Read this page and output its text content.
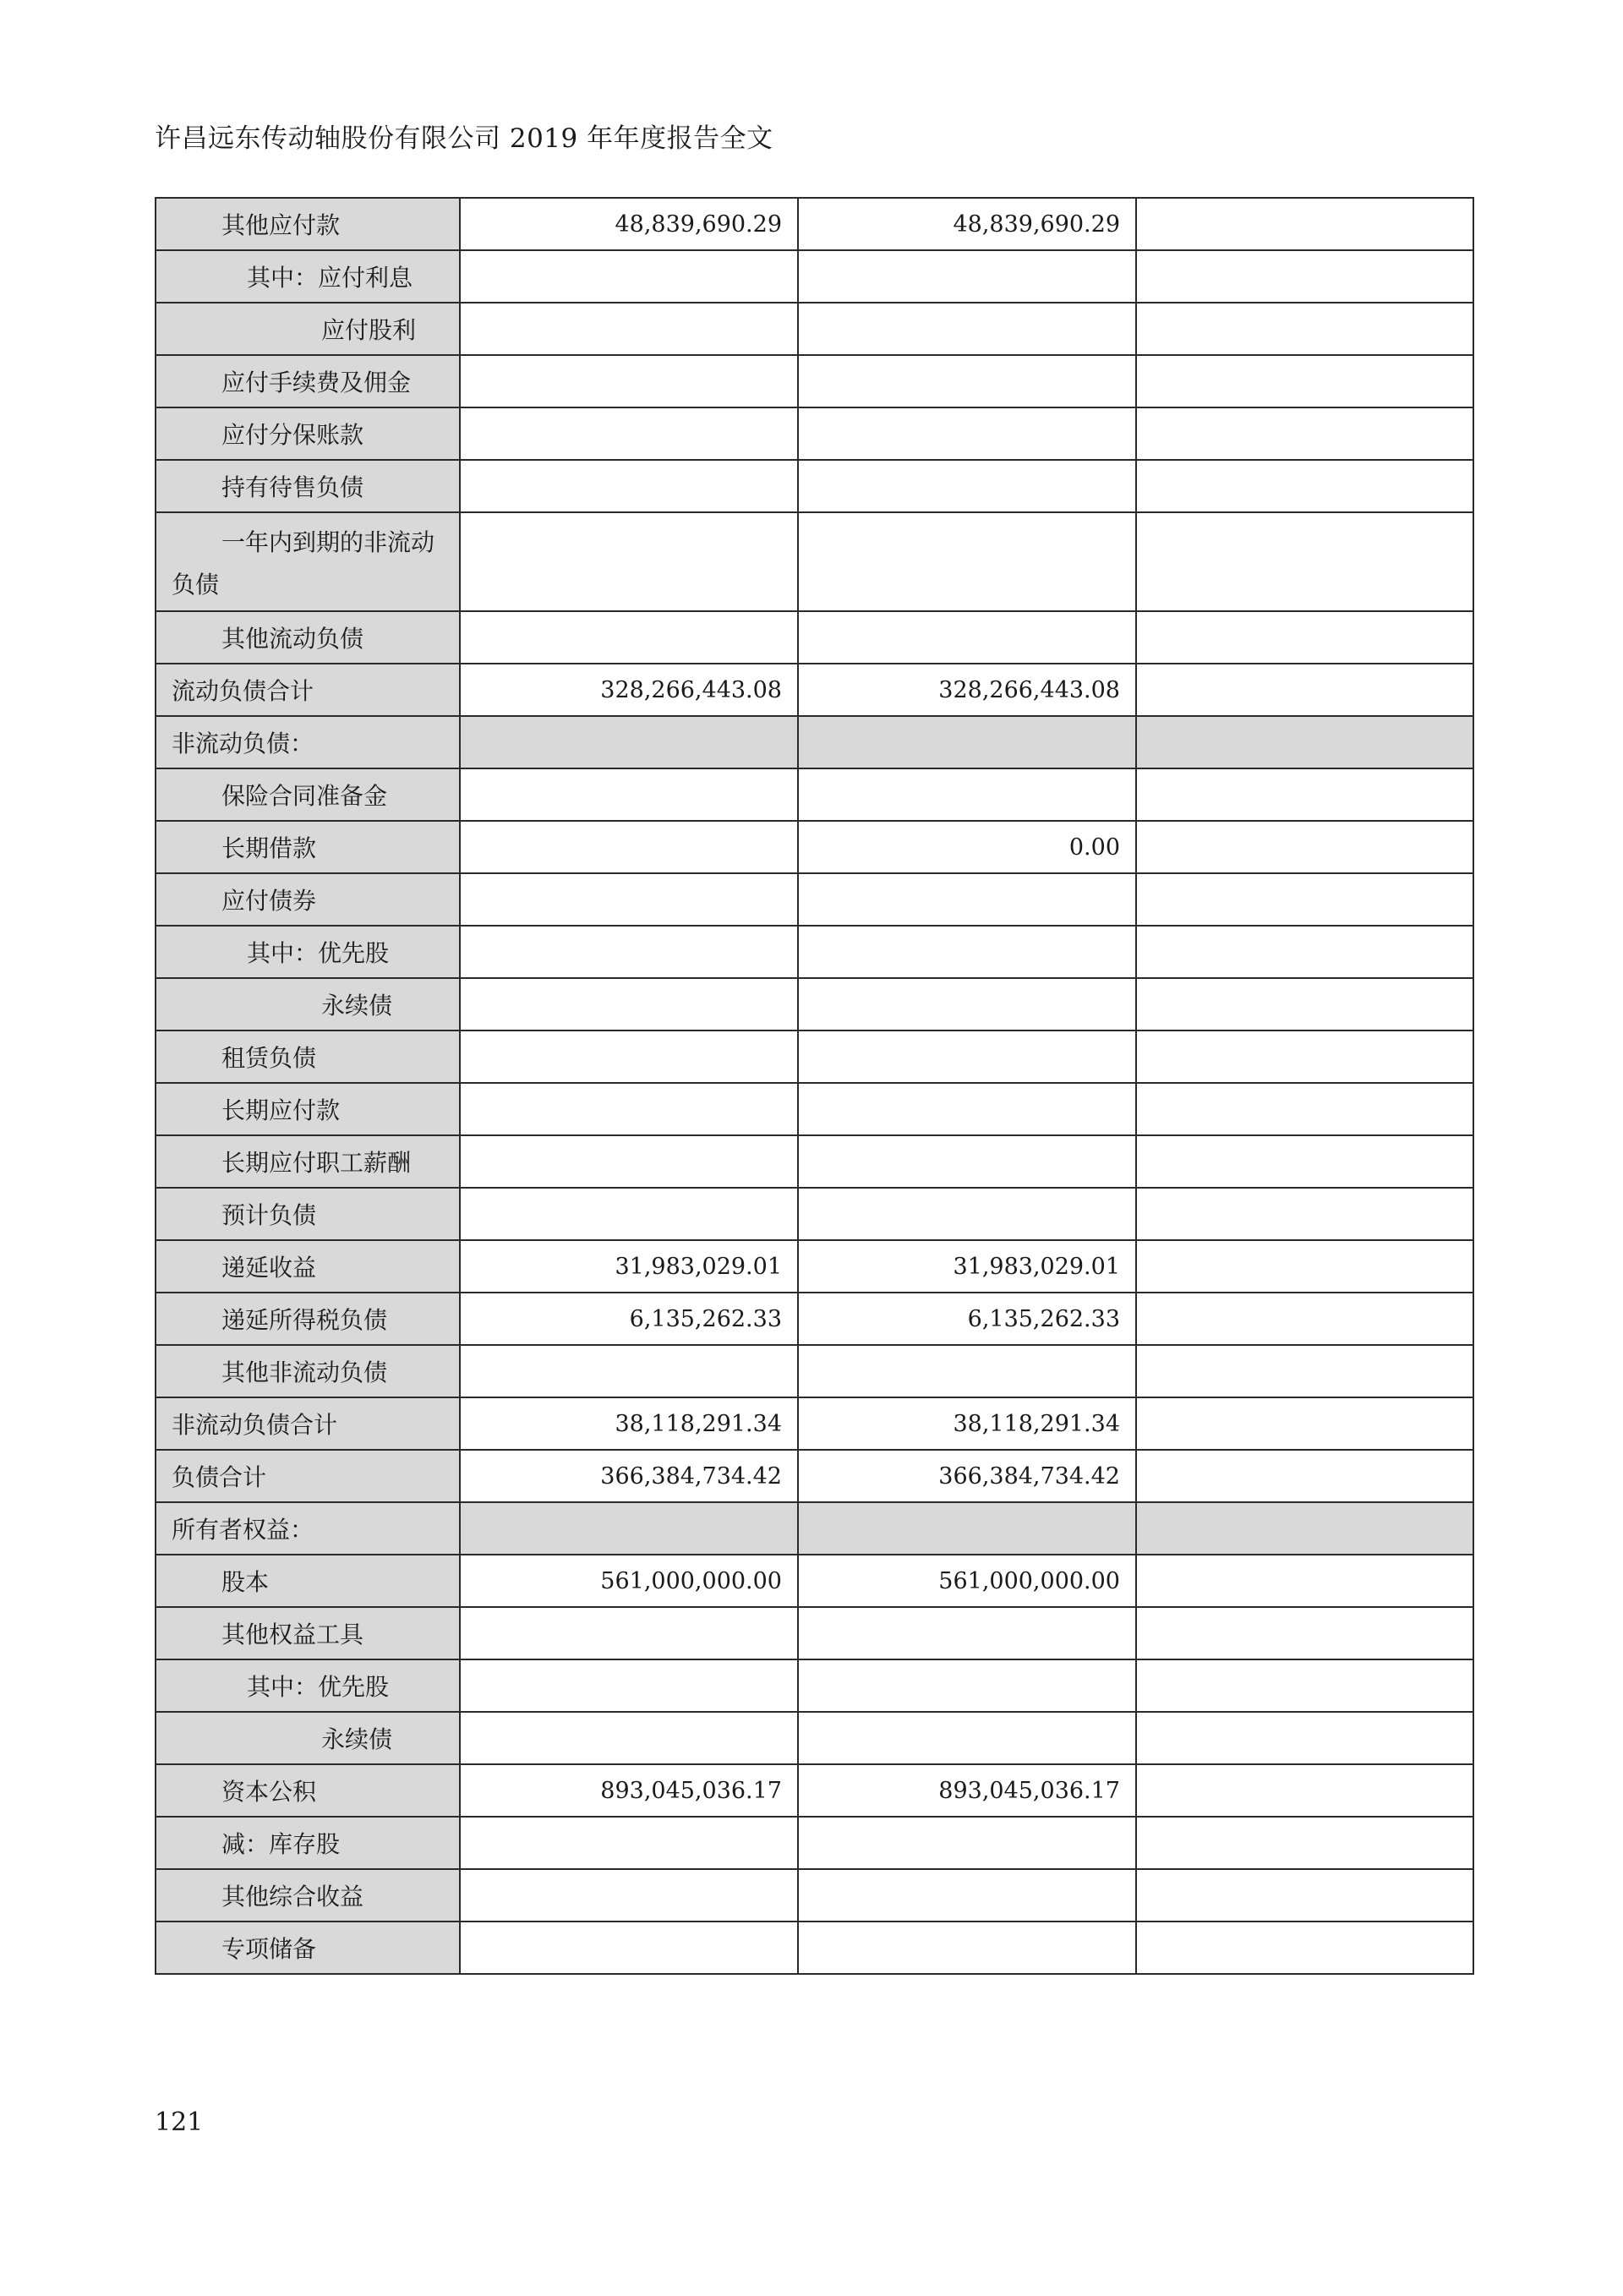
许昌远东传动轴股份有限公司 2019 年年度报告全文
其他应付款	48,839,690.29	48,839,690.29	
其中：应付利息			
应付股利			
应付手续费及佣金			
应付分保账款			
持有待售负债			

一年内到期的非流动
负债			

其他流动负债			
流动负债合计	328,266,443.08	328,266,443.08	
非流动负债：			
保险合同准备金			
长期借款		0.00	
应付债券			
其中：优先股			
永续债			
租赁负债			
长期应付款			
长期应付职工薪酬			
预计负债			
递延收益	31,983,029.01	31,983,029.01	
递延所得税负债	6,135,262.33	6,135,262.33	
其他非流动负债			
非流动负债合计	38,118,291.34	38,118,291.34	
负债合计	366,384,734.42	366,384,734.42	
所有者权益：			
股本	561,000,000.00	561,000,000.00	
其他权益工具			
其中：优先股			
永续债			
资本公积	893,045,036.17	893,045,036.17	
减：库存股			
其他综合收益			
专项储备			
121
